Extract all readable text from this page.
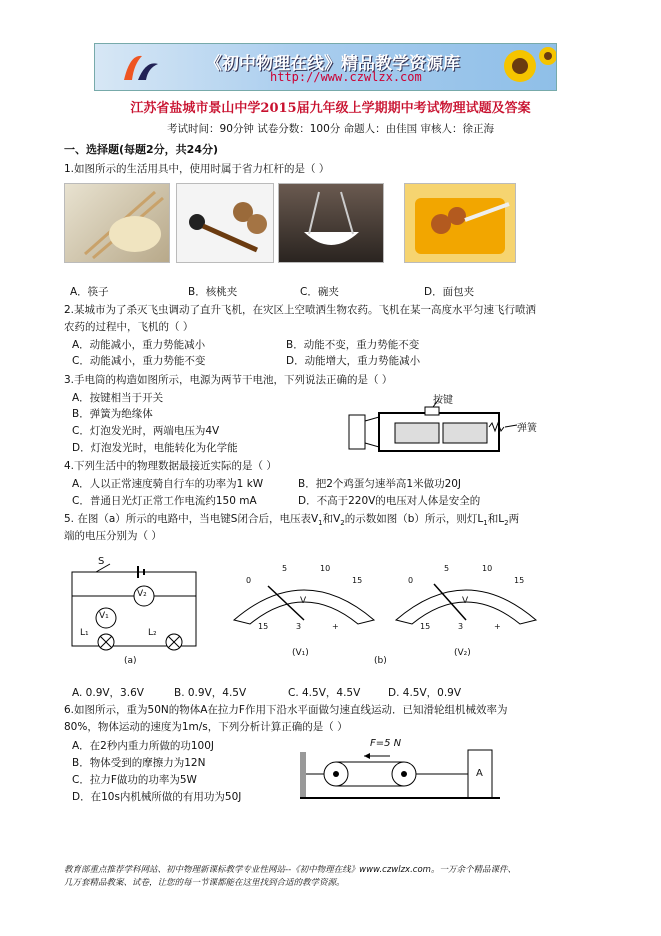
《初中物理在线》精品教学资源库
http://www.czwlzx.com
江苏省盐城市景山中学2015届九年级上学期期中考试物理试题及答案
考试时间：90分钟 试卷分数：100分 命题人：由佳国 审核人：徐正海
一、选择题(每题2分，共24分)
1.如图所示的生活用具中，使用时属于省力杠杆的是（ ）
A．筷子	B．核桃夹	C．碗夹	D．面包夹
2.某城市为了杀灭飞虫调动了直升飞机，在灾区上空喷洒生物农药。飞机在某一高度水平匀速飞行喷洒
农药的过程中，飞机的（ ）
A．动能减小，重力势能减小	B．动能不变，重力势能不变
C．动能减小，重力势能不变	D．动能增大，重力势能减小
3.手电筒的构造如图所示，电源为两节干电池，下列说法正确的是（ ）
A．按键相当于开关
B．弹簧为绝缘体
C．灯泡发光时，两端电压为4V
D．灯泡发光时，电能转化为化学能
按键
弹簧
4.下列生活中的物理数据最接近实际的是（ ）
A．人以正常速度骑自行车的功率为1 kW	B．把2个鸡蛋匀速举高1米做功20J
C．普通日光灯正常工作电流约150 mA	D．不高于220V的电压对人体是安全的
5. 在图（a）所示的电路中，当电键S闭合后，电压表$V_1$和$V_2$的示数如图（b）所示，则灯$L_1$和$L_2$两
端的电压分别为（ ）
S
V₁
V₂
L₁	L₂
(a)
0
5	10
15
V
15	3	+
(V₁)
0
5	10
15
V
15	3	+
(V₂)
(b)
A. 0.9V，3.6V	B. 0.9V，4.5V	C. 4.5V，4.5V	D. 4.5V，0.9V
6.如图所示，重为50N的物体A在拉力F作用下沿水平面做匀速直线运动．已知滑轮组机械效率为
80%，物体运动的速度为1m/s，下列分析计算正确的是（ ）
A．在2秒内重力所做的功100J
B．物体受到的摩擦力为12N
C．拉力F做功的功率为5W
D．在10s内机械所做的有用功为50J
F=5 N
A
教育部重点推荐学科网站、初中物理新课标教学专业性网站--《初中物理在线》www.czwlzx.com。一万余个精品课件、
几万套精品教案、试卷，让您的每一节课都能在这里找到合适的教学资源。
